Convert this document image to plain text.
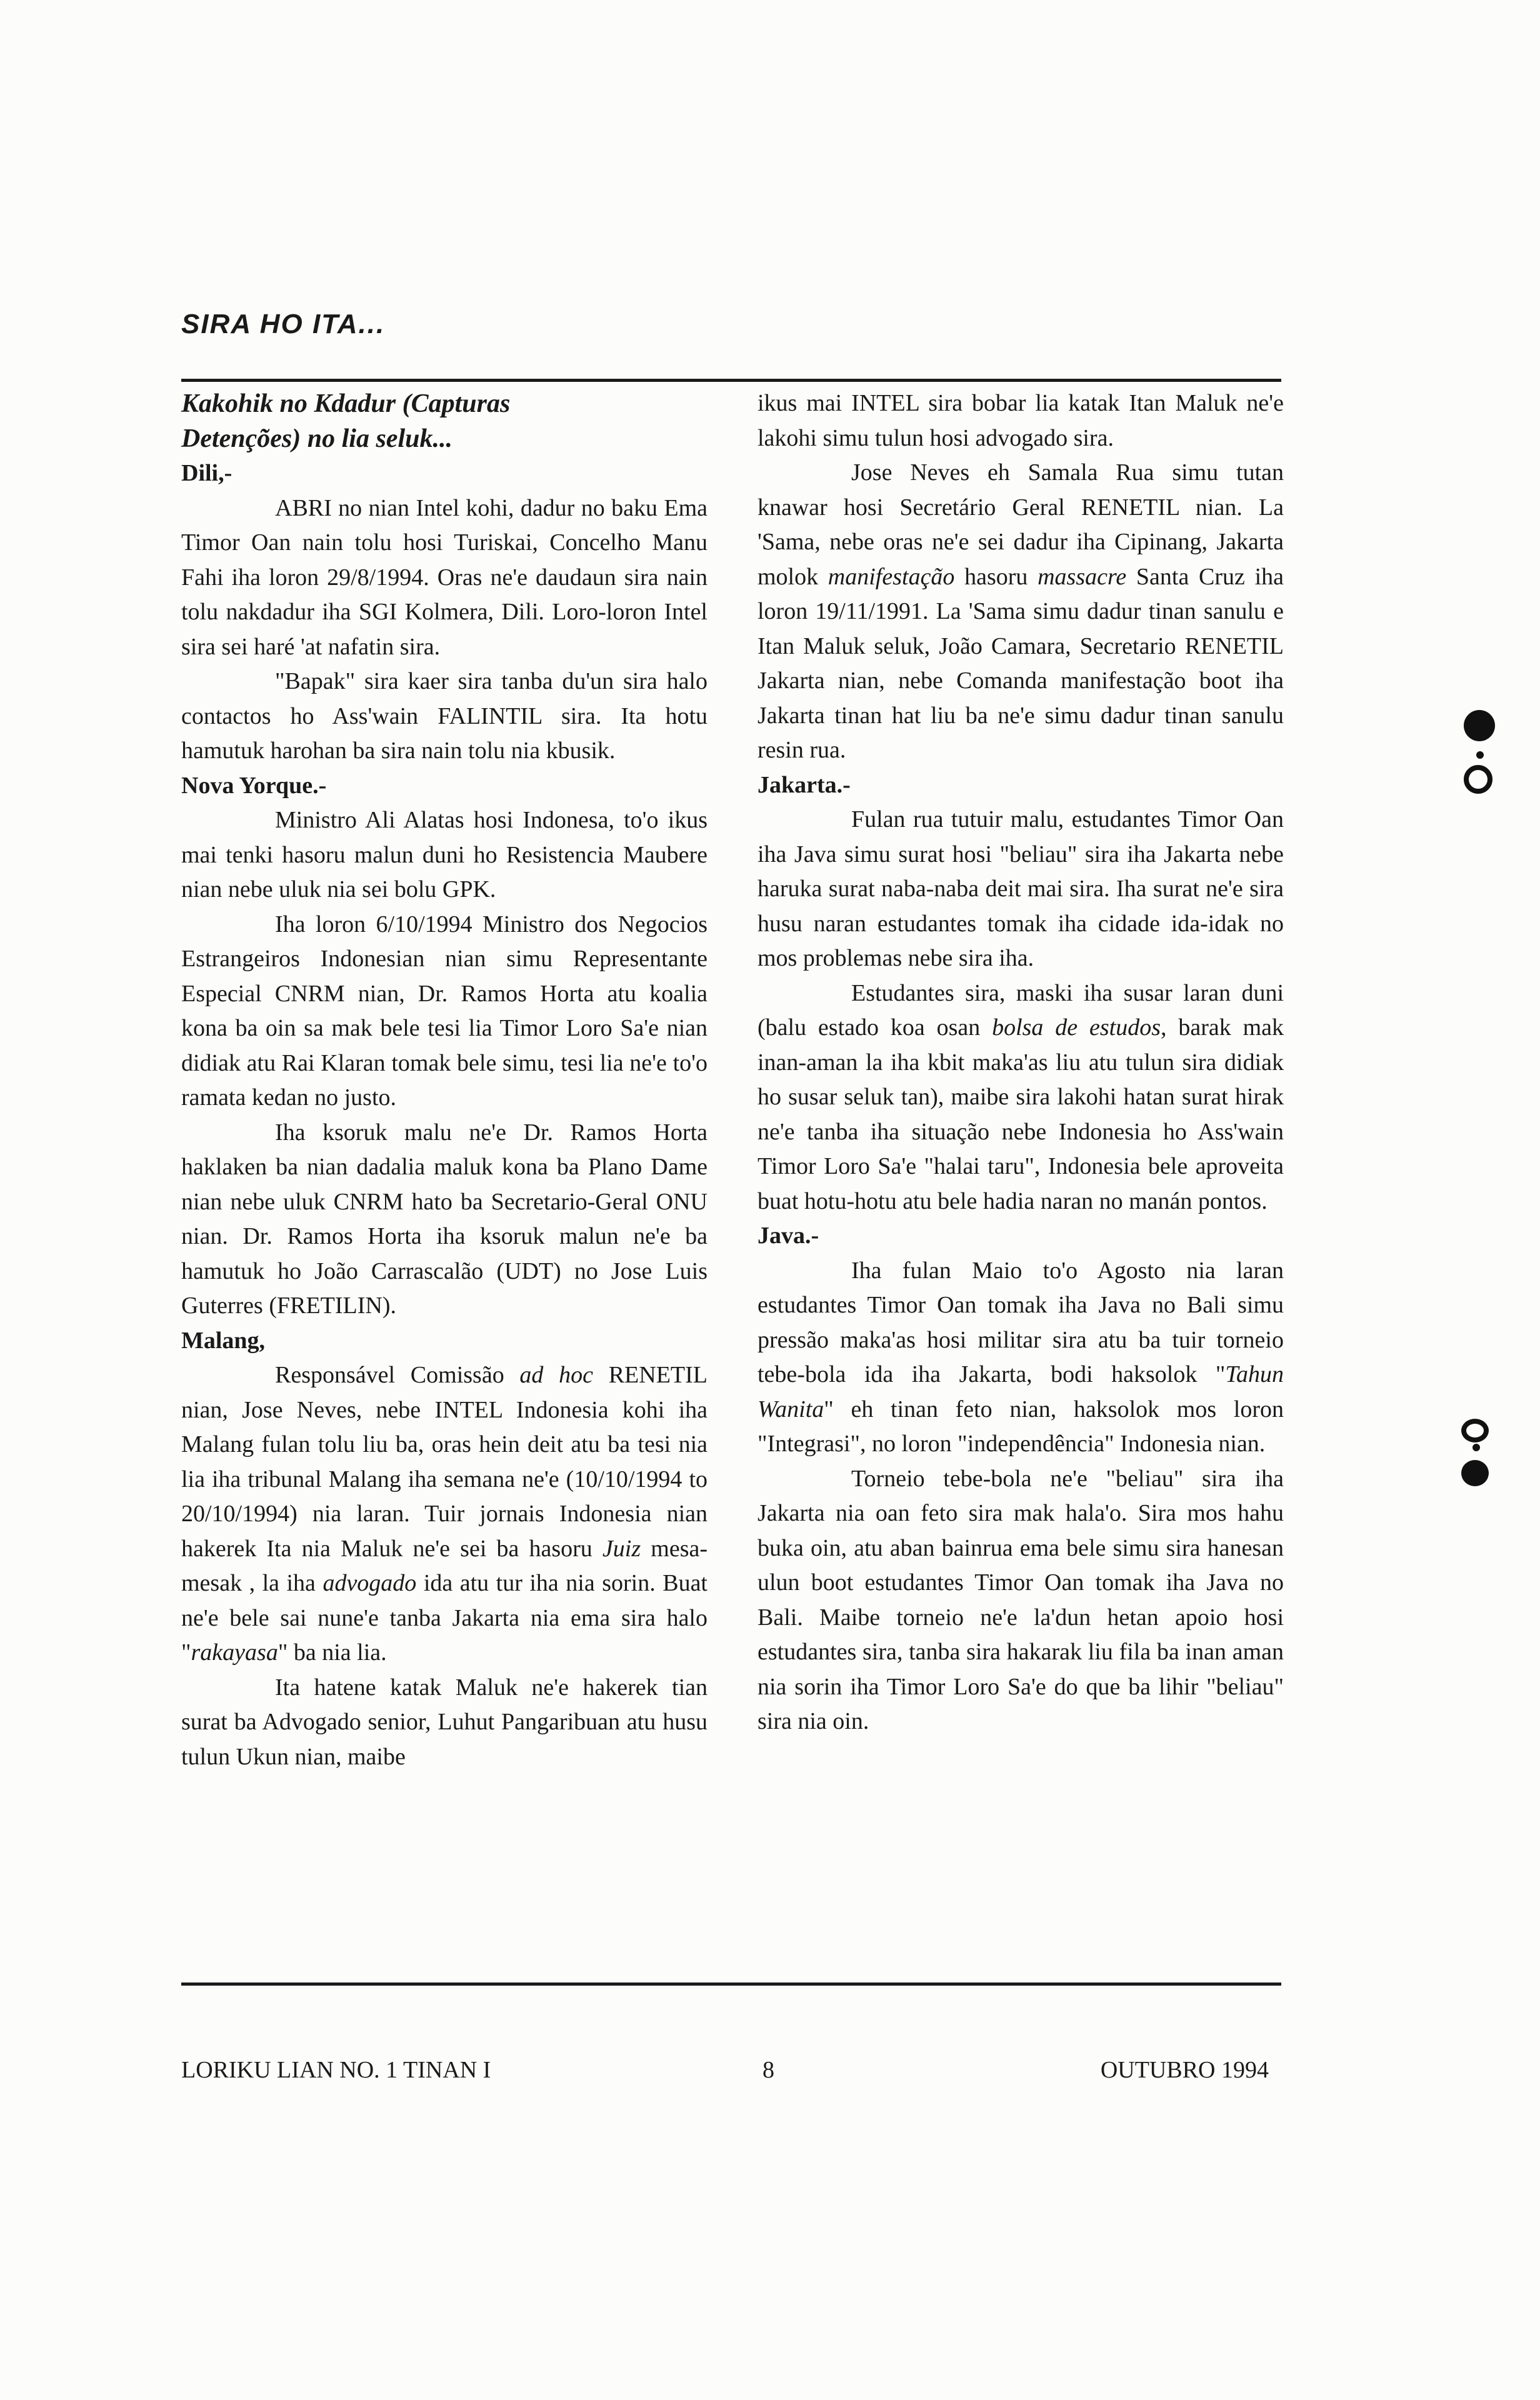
SIRA HO ITA...
Kakohik no Kdadur (Capturas
Detenções) no lia seluk...
Dili,-

ABRI no nian Intel kohi, dadur no baku Ema Timor Oan nain tolu hosi Turiskai, Concelho Manu Fahi iha loron 29/8/1994. Oras ne'e daudaun sira nain tolu nakdadur iha SGI Kolmera, Dili. Loro-loron Intel sira sei haré 'at nafatin sira.

"Bapak" sira kaer sira tanba du'un sira halo contactos ho Ass'wain FALINTIL sira. Ita hotu hamutuk harohan ba sira nain tolu nia kbusik.

Nova Yorque.-

Ministro Ali Alatas hosi Indonesa, to'o ikus mai tenki hasoru malun duni ho Resistencia Maubere nian nebe uluk nia sei bolu GPK.

Iha loron 6/10/1994 Ministro dos Negocios Estrangeiros Indonesian nian simu Representante Especial CNRM nian, Dr. Ramos Horta atu koalia kona ba oin sa mak bele tesi lia Timor Loro Sa'e nian didiak atu Rai Klaran tomak bele simu, tesi lia ne'e to'o ramata kedan no justo.

Iha ksoruk malu ne'e Dr. Ramos Horta haklaken ba nian dadalia maluk kona ba Plano Dame nian nebe uluk CNRM hato ba Secretario-Geral ONU nian. Dr. Ramos Horta iha ksoruk malun ne'e ba hamutuk ho João Carrascalão (UDT) no Jose Luis Guterres (FRETILIN).

Malang,

Responsável Comissão ad hoc RENETIL nian, Jose Neves, nebe INTEL Indonesia kohi iha Malang fulan tolu liu ba, oras hein deit atu ba tesi nia lia iha tribunal Malang iha semana ne'e (10/10/1994 to 20/10/1994) nia laran. Tuir jornais Indonesia nian hakerek Ita nia Maluk ne'e sei ba hasoru Juiz mesa-mesak , la iha advogado ida atu tur iha nia sorin. Buat ne'e bele sai nune'e tanba Jakarta nia ema sira halo "rakayasa" ba nia lia.

Ita hatene katak Maluk ne'e hakerek tian surat ba Advogado senior, Luhut Pangaribuan atu husu tulun Ukun nian, maibe

ikus mai INTEL sira bobar lia katak Itan Maluk ne'e lakohi simu tulun hosi advogado sira.

Jose Neves eh Samala Rua simu tutan knawar hosi Secretário Geral RENETIL nian. La 'Sama, nebe oras ne'e sei dadur iha Cipinang, Jakarta molok manifestação hasoru massacre Santa Cruz iha loron 19/11/1991. La 'Sama simu dadur tinan sanulu e Itan Maluk seluk, João Camara, Secretario RENETIL Jakarta nian, nebe Comanda manifestação boot iha Jakarta tinan hat liu ba ne'e simu dadur tinan sanulu resin rua.

Jakarta.-

Fulan rua tutuir malu, estudantes Timor Oan iha Java simu surat hosi "beliau" sira iha Jakarta nebe haruka surat naba-naba deit mai sira. Iha surat ne'e sira husu naran estudantes tomak iha cidade ida-idak no mos problemas nebe sira iha.

Estudantes sira, maski iha susar laran duni (balu estado koa osan bolsa de estudos, barak mak inan-aman la iha kbit maka'as liu atu tulun sira didiak ho susar seluk tan), maibe sira lakohi hatan surat hirak ne'e tanba iha situação nebe Indonesia ho Ass'wain Timor Loro Sa'e "halai taru", Indonesia bele aproveita buat hotu-hotu atu bele hadia naran no manán pontos.

Java.-

Iha fulan Maio to'o Agosto nia laran estudantes Timor Oan tomak iha Java no Bali simu pressão maka'as hosi militar sira atu ba tuir torneio tebe-bola ida iha Jakarta, bodi haksolok "Tahun Wanita" eh tinan feto nian, haksolok mos loron "Integrasi", no loron "independência" Indonesia nian.

Torneio tebe-bola ne'e "beliau" sira iha Jakarta nia oan feto sira mak hala'o. Sira mos hahu buka oin, atu aban bainrua ema bele simu sira hanesan ulun boot estudantes Timor Oan tomak iha Java no Bali. Maibe torneio ne'e la'dun hetan apoio hosi estudantes sira, tanba sira hakarak liu fila ba inan aman nia sorin iha Timor Loro Sa'e do que ba lihir "beliau" sira nia oin.

LORIKU LIAN NO. 1 TINAN I	8	OUTUBRO 1994
